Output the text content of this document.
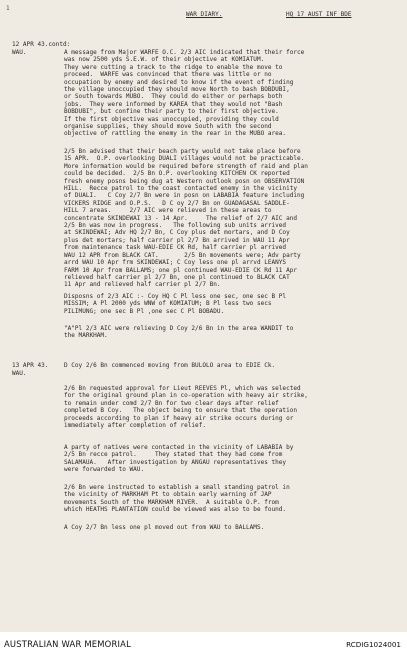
1
WAR DIARY.	HQ 17 AUST INF BDE
12 APR 43.contd:
WAU.	A message from Major WARFE O.C. 2/3 AIC indicated that their force
was now 2500 yds S.E.W. of their objective at KOMIATUM.
They were cutting a track to the ridge to enable the move to
proceed.  WARFE was convinced that there was little or no
occupation by enemy and desired to know if the event of finding
the village unoccupied they should move North to bash BOBDUBI,
or South towards MUBO.  They could do either or perhaps both
jobs.  They were informed by KAREA that they would not "Bash
BOBDUBI", but confine their party to their first objective.
If the first objective was unoccupied, providing they could
organise supplies, they should move South with the second
objective of rattling the enemy in the rear in the MUBO area.
2/5 Bn advised that their beach party would not take place before
15 APR.  O.P. overlooking DUALI villages would not be practicable.
More information would be required before strength of raid and plan
could be decided.  2/5 Bn O.P. overlooking KITCHEN CK reported
fresh enemy posns being dug at Western outlook posn on OBSERVATION
HILL.  Recce patrol to the coast contacted enemy in the vicinity
of DUALI.   C Coy 2/7 Bn were in posn on LABABIA feature including
VICKERS RIDGE and O.P.S.   D C oy 2/7 Bn on GUADAGASAL SADDLE-
HILL 7 areas.     2/7 AIC were relieved in these areas to
concentrate SKINDEWAI 13 - 14 Apr.     The relief of 2/7 AIC and
2/5 Bn was now in progress.   The following sub units arrived
at SKINDEWAI; Adv HQ 2/7 Bn, C Coy plus det mortars, and D Coy
plus det mortars; half carrier pl 2/7 Bn arrived in WAU 11 Apr
from maintenance task WAU-EDIE CK Rd, half carrier pl arrived
WAU 12 APR from BLACK CAT.       2/5 Bn movements were; Adv party
arrd WAU 10 Apr frm SKINDEWAI; C Coy less one pl arrvd LEANYS
FARM 10 Apr from BALLAMS; one pl continued WAU-EDIE CK Rd 11 Apr
relieved half carrier pl 2/7 Bn, one pl continued to BLACK CAT
11 Apr and relieved half carrier pl 2/7 Bn.
Disposns of 2/3 AIC :- Coy HQ C Pl less one sec, one sec B Pl
MISSIM; A Pl 2000 yds WNW of KOMIATUM; B Pl less two secs
PILIMUNG; one sec B Pl ,one sec C Pl BOBADU.
"A"Pl 2/3 AIC were relieving D Coy 2/6 Bn in the area WANDIT to
the MARKHAM.
13 APR 43.
WAU.
D Coy 2/6 Bn commenced moving from BULOLO area to EDIE Ck.
2/6 Bn requested approval for Lieut REEVES Pl, which was selected
for the original ground plan in co-operation with heavy air strike,
to remain under comd 2/7 Bn for two clear days after relief
completed B Coy.   The object being to ensure that the operation
proceeds according to plan if heavy air strike occurs during or
immediately after completion of relief.
A party of natives were contacted in the vicinity of LABABIA by
2/5 Bn recce patrol.     They stated that they had come from
SALAMAUA.   After investigation by ANGAU representatives they
were forwarded to WAU.
2/6 Bn were instructed to establish a small standing patrol in
the vicinity of MARKHAM Pt to obtain early warning of JAP
movements South of the MARKHAM RIVER.  A suitable O.P. from
which HEATHS PLANTATION could be viewed was also to be found.
A Coy 2/7 Bn less one pl moved out from WAU to BALLAMS.
AUSTRALIAN WAR MEMORIAL	RCDIG1024001
